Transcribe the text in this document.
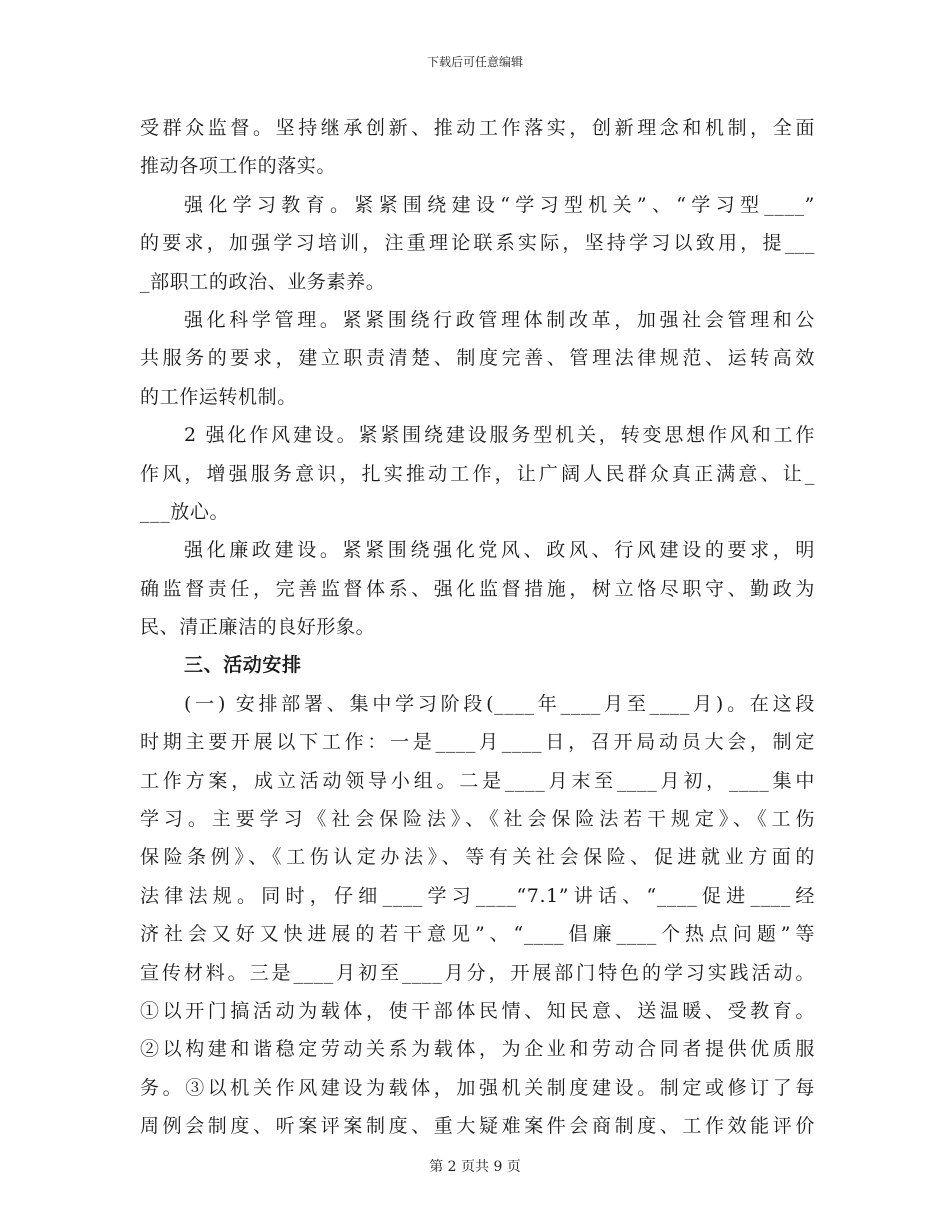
下载后可任意编辑
受群众监督。坚持继承创新、推动工作落实，创新理念和机制，全面
推动各项工作的落实。
强化学习教育。紧紧围绕建设“学习型机关”、“学习型____”
的要求，加强学习培训，注重理论联系实际，坚持学习以致用，提___
_部职工的政治、业务素养。
强化科学管理。紧紧围绕行政管理体制改革，加强社会管理和公
共服务的要求，建立职责清楚、制度完善、管理法律规范、运转高效
的工作运转机制。
2 强化作风建设。紧紧围绕建设服务型机关，转变思想作风和工作
作风，增强服务意识，扎实推动工作，让广阔人民群众真正满意、让_
___放心。
强化廉政建设。紧紧围绕强化党风、政风、行风建设的要求，明
确监督责任，完善监督体系、强化监督措施，树立恪尽职守、勤政为
民、清正廉洁的良好形象。
三、活动安排
(一) 安排部署、集中学习阶段(____年____月至____月)。在这段
时期主要开展以下工作：一是____月____日，召开局动员大会，制定
工作方案，成立活动领导小组。二是____月末至____月初，____集中
学习。主要学习《社会保险法》、《社会保险法若干规定》、《工伤
保险条例》、《工伤认定办法》、等有关社会保险、促进就业方面的
法律法规。同时，仔细____学习____“7.1”讲话、“____促进____经
济社会又好又快进展的若干意见”、“____倡廉____个热点问题”等
宣传材料。三是____月初至____月分，开展部门特色的学习实践活动。
①以开门搞活动为载体，使干部体民情、知民意、送温暖、受教育。
②以构建和谐稳定劳动关系为载体，为企业和劳动合同者提供优质服
务。③以机关作风建设为载体，加强机关制度建设。制定或修订了每
周例会制度、听案评案制度、重大疑难案件会商制度、工作效能评价
第 2 页共 9 页
